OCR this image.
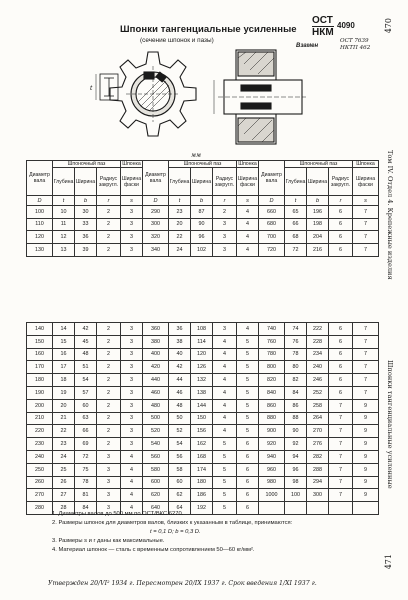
Шпонки тангенциальные усиленные
(сечение шпонок и пазы)
ОСТ
НКМ
4090
Взамен
ОСТ 7639
НКТП 462
470
471
Том IV. Отдел 4. Крепежные изделия
Шпонки тангенциальные усиленные
t
мм
Диаметр вала	Шпоночный паз			Шпонка	Диаметр вала	Шпоночный паз			Шпонка	Диаметр вала	Шпоночный паз			Шпонка
	Глубина	Ширина	Радиус закругл.	Ширина фаски		Глубина	Ширина	Радиус закругл.	Ширина фаски		Глубина	Ширина	Радиус закругл.	Ширина фаски
D	t	b	r	s	D	t	b	r	s	D	t	b	r	s
100	10	30	2	3	290	23	87	2	4	660	65	196	6	7
110	11	33	2	3	300	20	90	3	4	680	66	198	6	7
120	12	36	2	3	320	22	96	3	4	700	68	204	6	7
130	13	39	2	3	340	24	102	3	4	720	72	216	6	7
140	14	42	2	3	360	36	108	3	4	740	74	222	6	7
150	15	45	2	3	380	38	114	4	5	760	76	228	6	7
160	16	48	2	3	400	40	120	4	5	780	78	234	6	7
170	17	51	2	3	420	42	126	4	5	800	80	240	6	7
180	18	54	2	3	440	44	132	4	5	820	82	246	6	7
190	19	57	2	3	460	46	138	4	5	840	84	252	6	7
200	20	60	2	3	480	48	144	4	5	860	86	258	7	9
210	21	63	2	3	500	50	150	4	5	880	88	264	7	9
220	22	66	2	3	520	52	156	4	5	900	90	270	7	9
230	23	69	2	3	540	54	162	5	6	920	92	276	7	9
240	24	72	3	4	560	56	168	5	6	940	94	282	7	9
250	25	75	3	4	580	58	174	5	6	960	96	288	7	9
260	26	78	3	4	600	60	180	5	6	980	98	294	7	9
270	27	81	3	4	620	62	186	5	6	1000	100	300	7	9
280	28	84	3	4	640	64	192	5	6					
1. Диаметры валов до 500 мм по ОСТ/ВКС 6270.
2. Размеры шпонок для диаметров валов, близких к указанным в таблице, принимаются:
t = 0,1 D; b = 0,3 D.
3. Размеры s и r даны как максимальные.
4. Материал шпонок — сталь с временным сопротивлением 50—60 кг/мм².
Утвержден 20/VI² 1934 г. Пересмотрен 20/IX 1937 г. Срок введения 1/XI 1937 г.
